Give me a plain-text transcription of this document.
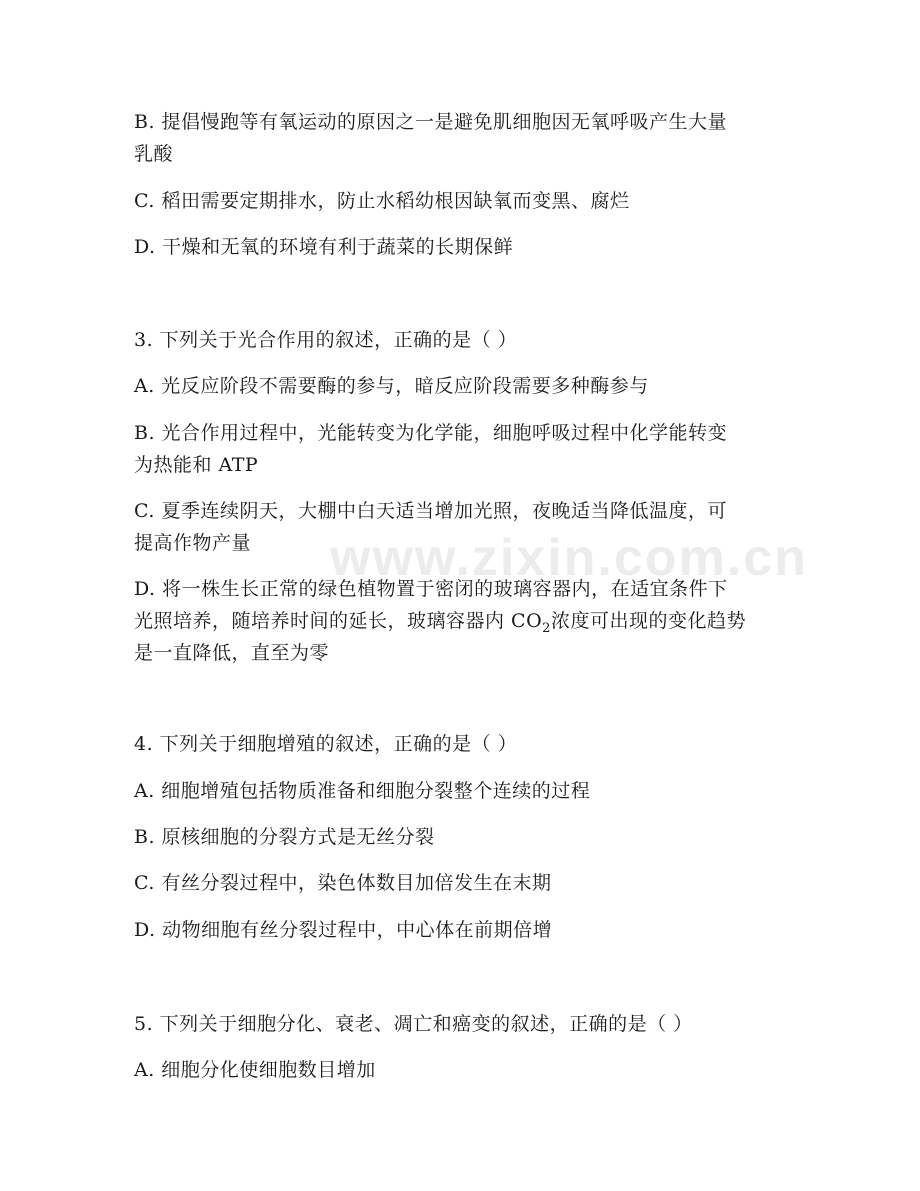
www.zixin.com.cn
B. 提倡慢跑等有氧运动的原因之一是避免肌细胞因无氧呼吸产生大量
乳酸
C. 稻田需要定期排水，防止水稻幼根因缺氧而变黑、腐烂
D. 干燥和无氧的环境有利于蔬菜的长期保鲜
3. 下列关于光合作用的叙述，正确的是（ ）
A. 光反应阶段不需要酶的参与，暗反应阶段需要多种酶参与
B. 光合作用过程中，光能转变为化学能，细胞呼吸过程中化学能转变
为热能和 ATP
C. 夏季连续阴天，大棚中白天适当增加光照，夜晚适当降低温度，可
提高作物产量
D. 将一株生长正常的绿色植物置于密闭的玻璃容器内，在适宜条件下
光照培养，随培养时间的延长，玻璃容器内 $CO_2$浓度可出现的变化趋势
是一直降低，直至为零
4. 下列关于细胞增殖的叙述，正确的是（ ）
A. 细胞增殖包括物质准备和细胞分裂整个连续的过程
B. 原核细胞的分裂方式是无丝分裂
C. 有丝分裂过程中，染色体数目加倍发生在末期
D. 动物细胞有丝分裂过程中，中心体在前期倍增
5. 下列关于细胞分化、衰老、凋亡和癌变的叙述，正确的是（ ）
A. 细胞分化使细胞数目增加
